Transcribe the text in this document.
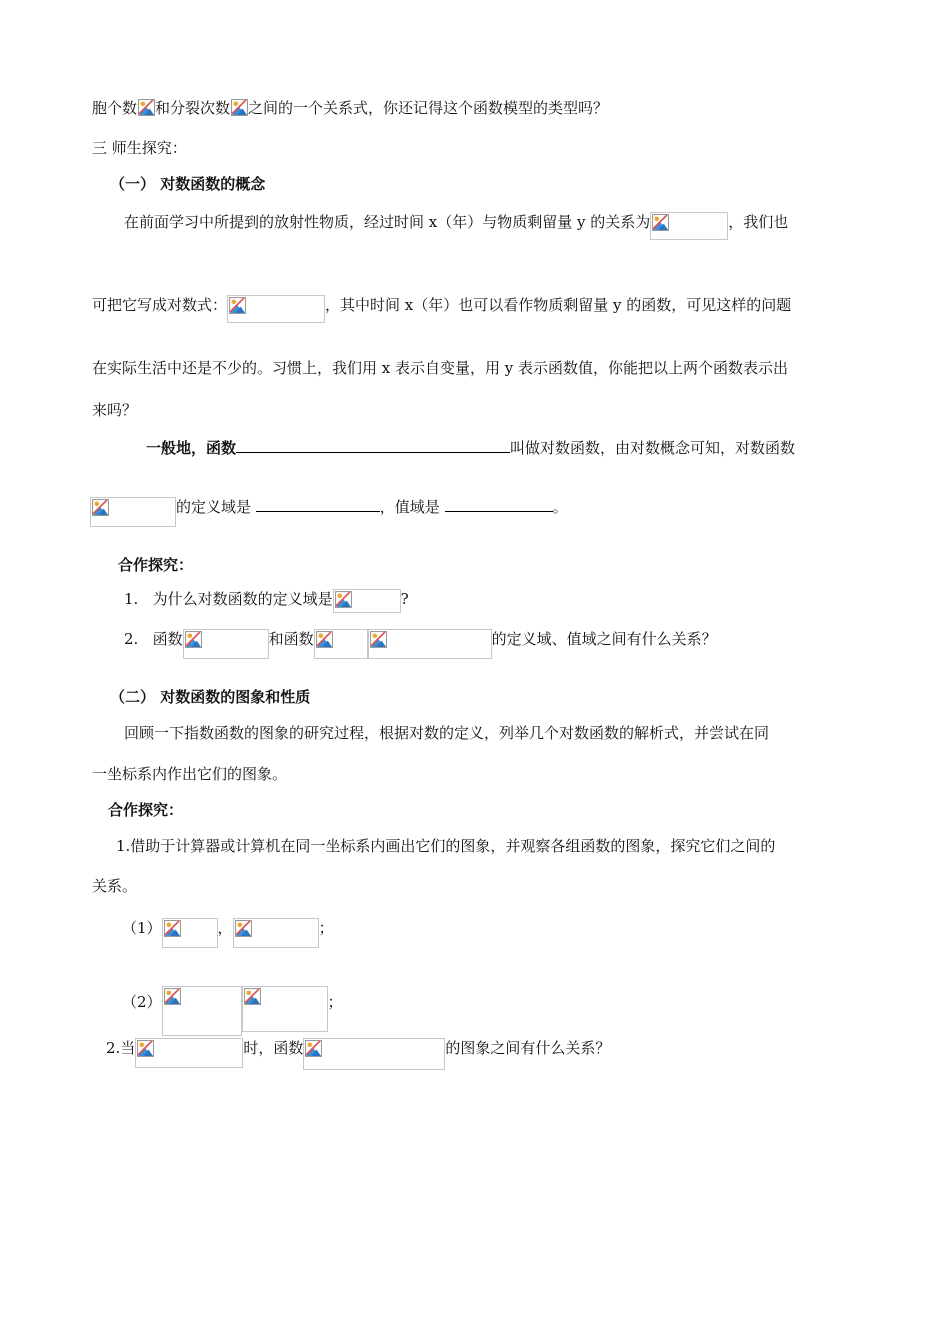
胞个数 和分裂次数 之间的一个关系式，你还记得这个函数模型的类型吗？
三 师生探究：
（一） 对数函数的概念
在前面学习中所提到的放射性物质，经过时间 x（年）与物质剩留量 y 的关系为	，我们也
可把它写成对数式：	，其中时间 x（年）也可以看作物质剩留量 y 的函数，可见这样的问题
在实际生活中还是不少的。习惯上，我们用 x 表示自变量，用 y 表示函数值，你能把以上两个函数表示出
来吗？
一般地，函数	叫做对数函数，由对数概念可知，对数函数
的定义域是	，值域是	。
合作探究：
1. 为什么对数函数的定义域是	?
2. 函数	和函数	的定义域、值域之间有什么关系？
（二） 对数函数的图象和性质
回顾一下指数函数的图象的研究过程，根据对数的定义，列举几个对数函数的解析式，并尝试在同
一坐标系内作出它们的图象。
合作探究：
1.借助于计算器或计算机在同一坐标系内画出它们的图象，并观察各组函数的图象，探究它们之间的
关系。
（1）	，	；
（2）	；
2.当	时，函数	的图象之间有什么关系？
